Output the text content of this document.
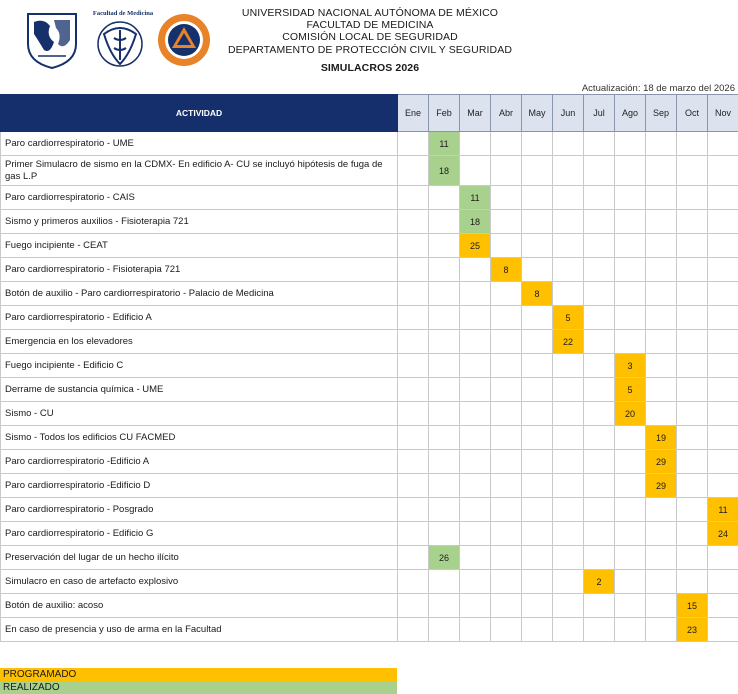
Facultad de Medicina	UNIVERSIDAD NACIONAL AUTÓNOMA DE MÉXICO
FACULTAD DE MEDICINA
COMISIÓN LOCAL DE SEGURIDAD
DEPARTAMENTO DE PROTECCIÓN CIVIL Y SEGURIDAD
SIMULACROS 2026
Actualización: 18 de marzo del 2026
ACTIVIDAD	Ene	Feb	Mar	Abr	May	Jun	Jul	Ago	Sep	Oct	Nov
Paro cardiorrespiratorio - UME		11									

Primer Simulacro de sismo en la CDMX- En edificio A- CU se incluyó hipótesis de fuga de gas L.P		18									

Paro cardiorrespiratorio - CAIS			11								

Sismo y primeros auxilios - Fisioterapia 721			18								

Fuego incipiente - CEAT			25								

Paro cardiorrespiratorio - Fisioterapia 721				8							

Botón de auxilio - Paro cardiorrespiratorio - Palacio de Medicina					8						

Paro cardiorrespiratorio - Edificio A						5					

Emergencia en los elevadores						22					

Fuego incipiente - Edificio C								3			

Derrame de sustancia química - UME								5			

Sismo - CU								20			

Sismo - Todos los edificios CU FACMED									19		

Paro cardiorrespiratorio -Edificio A									29		

Paro cardiorrespiratorio -Edificio D									29		

Paro cardiorrespiratorio - Posgrado											11

Paro cardiorrespiratorio - Edificio G											24

Preservación del lugar de un hecho ilícito		26									

Simulacro en caso de artefacto explosivo							2				

Botón de auxilio: acoso										15	

En caso de presencia y uso de arma en la Facultad										23	

PROGRAMADO
REALIZADO
